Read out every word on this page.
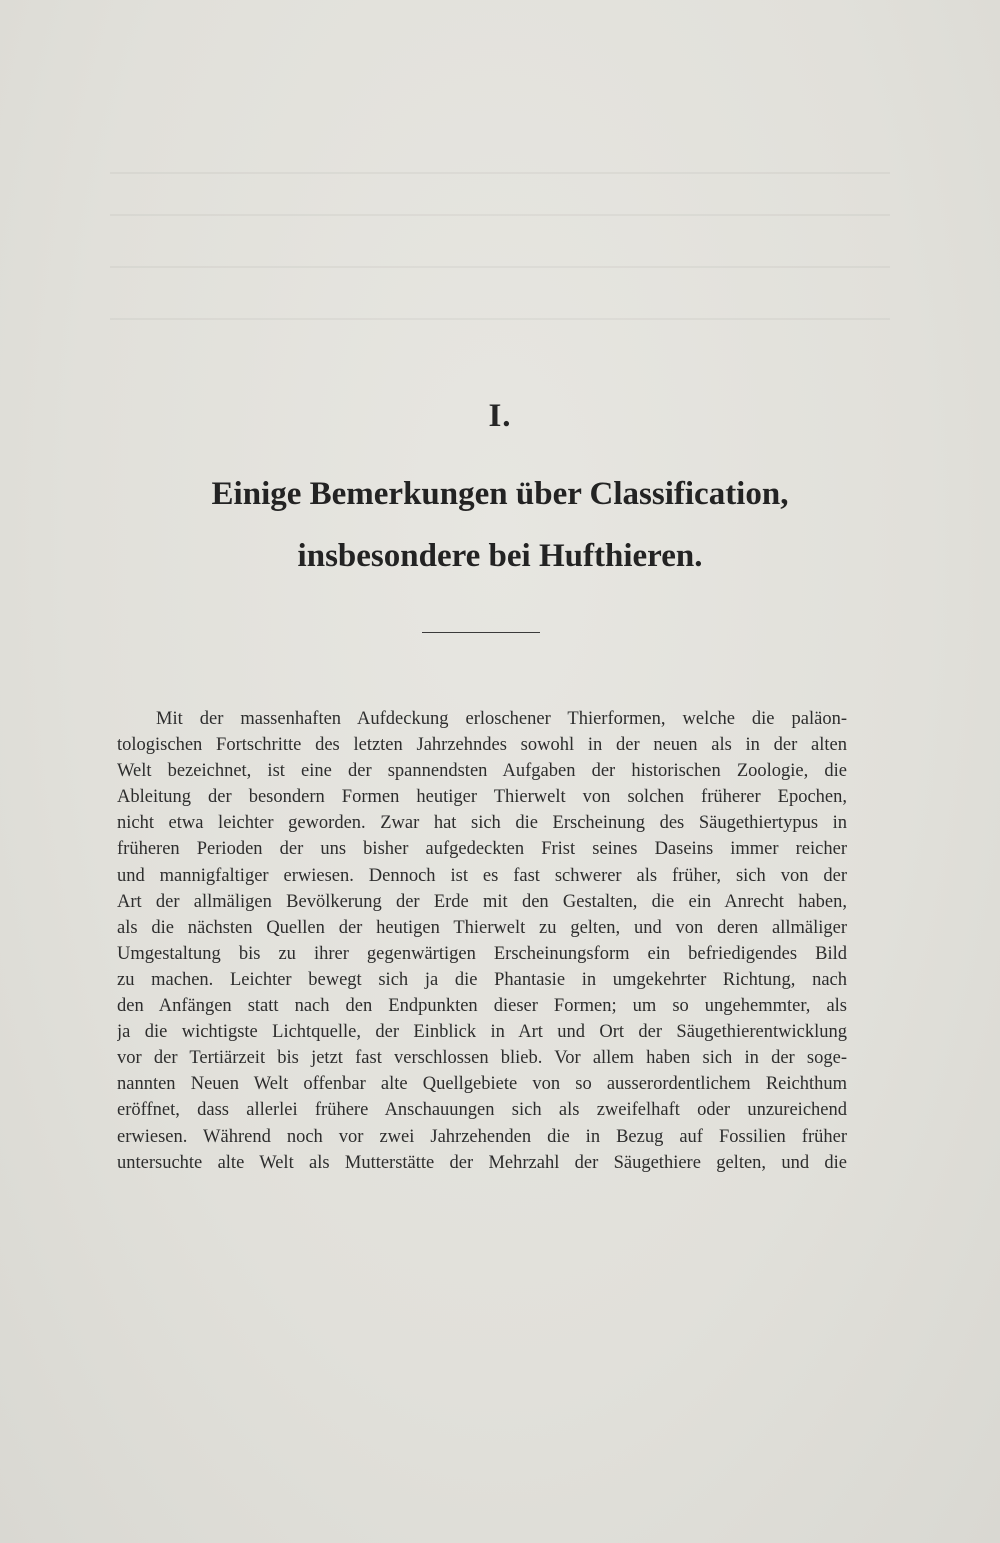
I.
Einige Bemerkungen über Classification,
insbesondere bei Hufthieren.
Mit der massenhaften Aufdeckung erloschener Thierformen, welche die paläon-
tologischen Fortschritte des letzten Jahrzehndes sowohl in der neuen als in der alten
Welt bezeichnet, ist eine der spannendsten Aufgaben der historischen Zoologie, die
Ableitung der besondern Formen heutiger Thierwelt von solchen früherer Epochen,
nicht etwa leichter geworden. Zwar hat sich die Erscheinung des Säugethiertypus in
früheren Perioden der uns bisher aufgedeckten Frist seines Daseins immer reicher
und mannigfaltiger erwiesen. Dennoch ist es fast schwerer als früher, sich von der
Art der allmäligen Bevölkerung der Erde mit den Gestalten, die ein Anrecht haben,
als die nächsten Quellen der heutigen Thierwelt zu gelten, und von deren allmäliger
Umgestaltung bis zu ihrer gegenwärtigen Erscheinungsform ein befriedigendes Bild
zu machen. Leichter bewegt sich ja die Phantasie in umgekehrter Richtung, nach
den Anfängen statt nach den Endpunkten dieser Formen; um so ungehemmter, als
ja die wichtigste Lichtquelle, der Einblick in Art und Ort der Säugethierentwicklung
vor der Tertiärzeit bis jetzt fast verschlossen blieb. Vor allem haben sich in der soge-
nannten Neuen Welt offenbar alte Quellgebiete von so ausserordentlichem Reichthum
eröffnet, dass allerlei frühere Anschauungen sich als zweifelhaft oder unzureichend
erwiesen. Während noch vor zwei Jahrzehenden die in Bezug auf Fossilien früher
untersuchte alte Welt als Mutterstätte der Mehrzahl der Säugethiere gelten, und die
